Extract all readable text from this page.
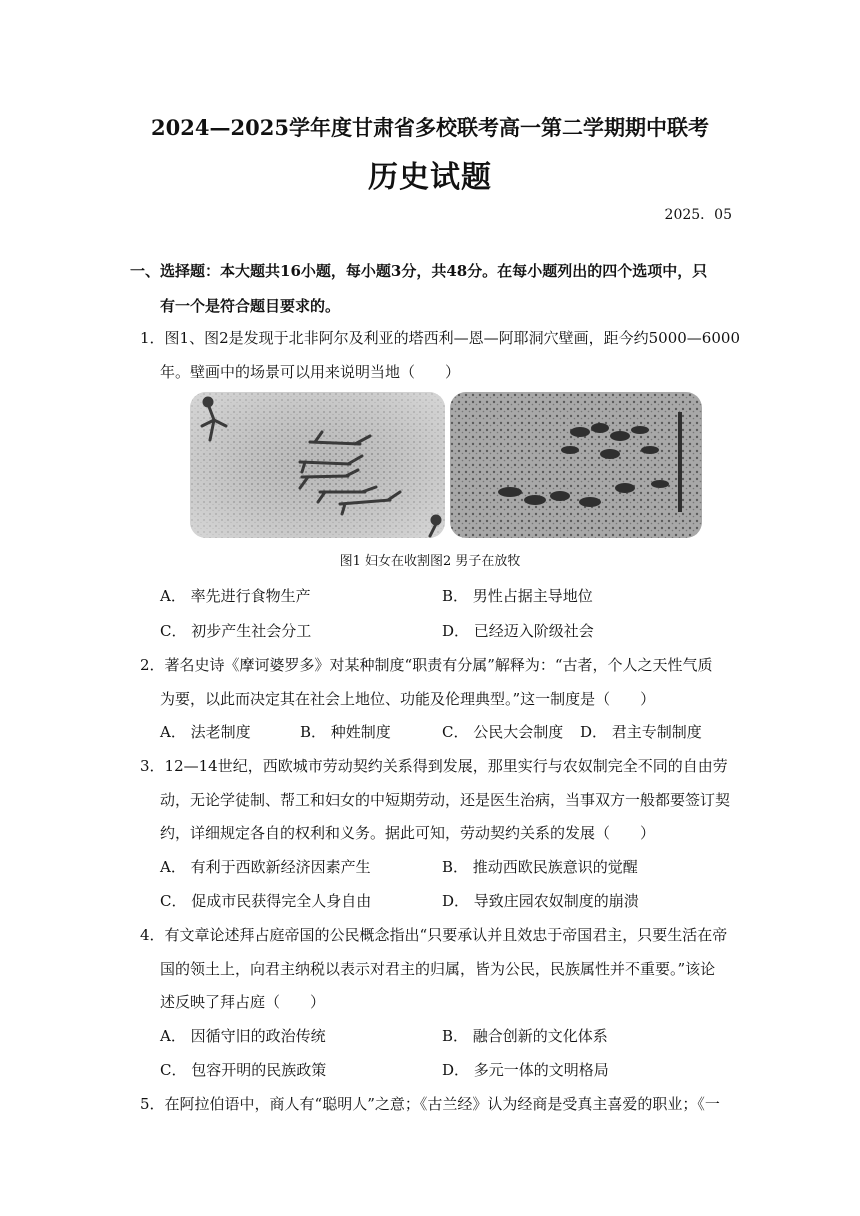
2024—2025学年度甘肃省多校联考高一第二学期期中联考
历史试题
2025．05
一、选择题：本大题共16小题，每小题3分，共48分。在每小题列出的四个选项中，只
有一个是符合题目要求的。
1．图1、图2是发现于北非阿尔及利亚的塔西利—恩—阿耶洞穴壁画，距今约5000—6000
年。壁画中的场景可以用来说明当地（　　）
图1 妇女在收割图2 男子在放牧
A． 率先进行食物生产	B． 男性占据主导地位
C． 初步产生社会分工	D． 已经迈入阶级社会
2．著名史诗《摩诃婆罗多》对某种制度“职责有分属”解释为：“古者，个人之天性气质
为要，以此而决定其在社会上地位、功能及伦理典型。”这一制度是（　　）
A． 法老制度	B． 种姓制度	C． 公民大会制度 D． 君主专制制度
3．12—14世纪，西欧城市劳动契约关系得到发展，那里实行与农奴制完全不同的自由劳
动，无论学徒制、帮工和妇女的中短期劳动，还是医生治病，当事双方一般都要签订契
约，详细规定各自的权利和义务。据此可知，劳动契约关系的发展（　　）
A． 有利于西欧新经济因素产生	B． 推动西欧民族意识的觉醒
C． 促成市民获得完全人身自由	D． 导致庄园农奴制度的崩溃
4．有文章论述拜占庭帝国的公民概念指出“只要承认并且效忠于帝国君主，只要生活在帝
国的领土上，向君主纳税以表示对君主的归属，皆为公民，民族属性并不重要。”该论
述反映了拜占庭（　　）
A． 因循守旧的政治传统	B． 融合创新的文化体系
C． 包容开明的民族政策	D． 多元一体的文明格局
5．在阿拉伯语中，商人有“聪明人”之意；《古兰经》认为经商是受真主喜爱的职业；《一
